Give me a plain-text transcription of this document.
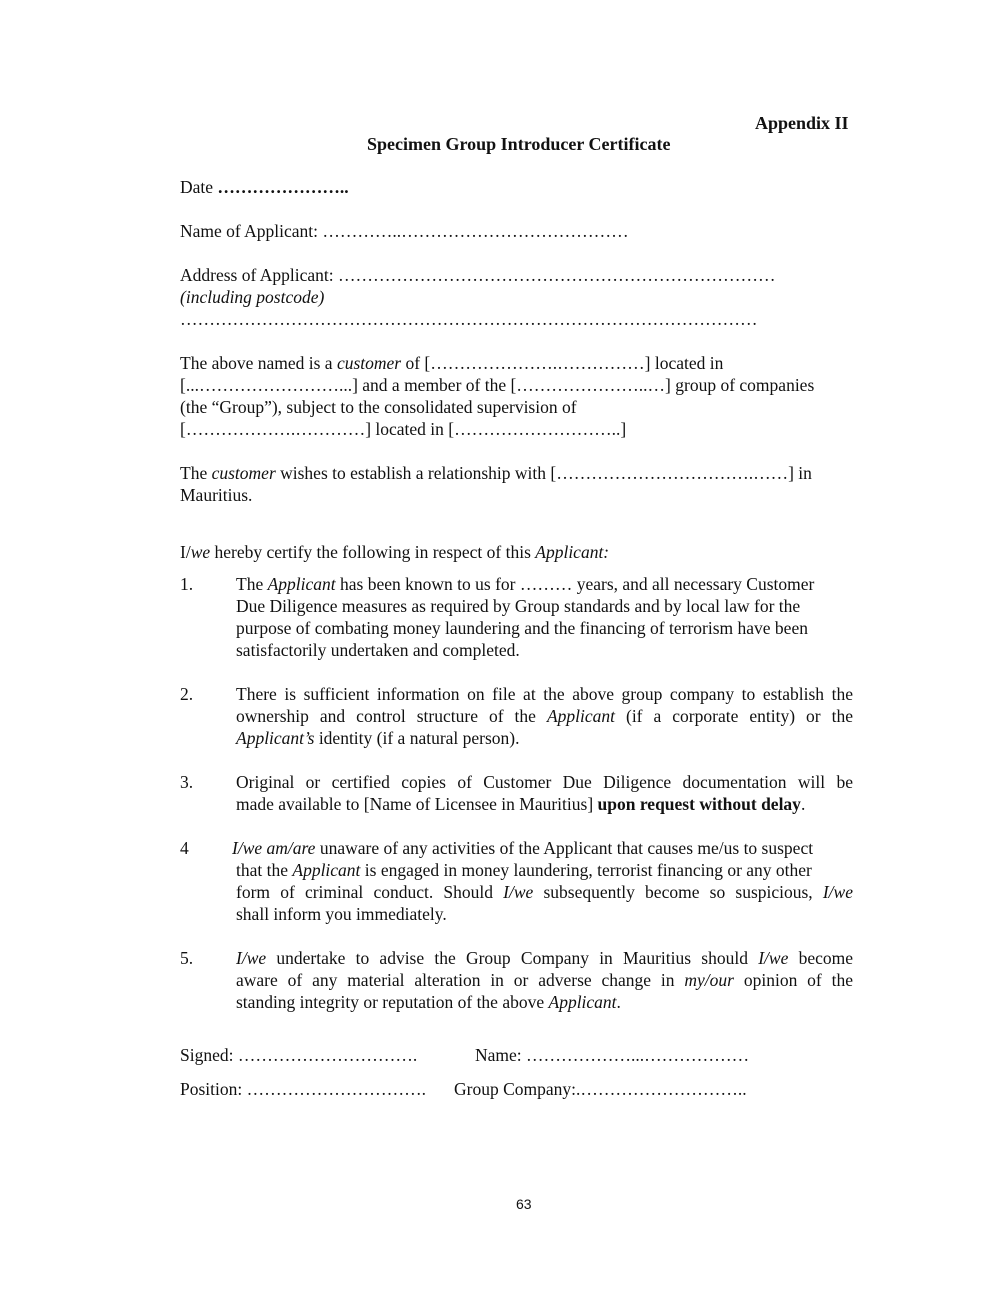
Appendix II
Specimen Group Introducer Certificate
Date …………………..
Name of Applicant: …………..…………………………………
Address of Applicant: …………………………………………………………………
(including postcode)
………………………………………………………………………………………
The above named is a customer of [………………….……………] located in
[...……………………...] and a member of the […………………..…] group of companies
(the “Group”), subject to the consolidated supervision of
[……………….…………] located in [………………………..]
The customer wishes to establish a relationship with […………………………….……] in
Mauritius.
I/we hereby certify the following in respect of this Applicant:
1. The Applicant has been known to us for ……… years, and all necessary Customer
Due Diligence measures as required by Group standards and by local law for the
purpose of combating money laundering and the financing of terrorism have been
satisfactorily undertaken and completed.
2. There is sufficient information on file at the above group company to establish the
ownership and control structure of the Applicant (if a corporate entity) or the
Applicant’s identity (if a natural person).
3. Original or certified copies of Customer Due Diligence documentation will be
made available to [Name of Licensee in Mauritius] upon request without delay.
4 I/we am/are unaware of any activities of the Applicant that causes me/us to suspect
that the Applicant is engaged in money laundering, terrorist financing or any other
form of criminal conduct. Should I/we subsequently become so suspicious, I/we
shall inform you immediately.
5. I/we undertake to advise the Group Company in Mauritius should I/we become
aware of any material alteration in or adverse change in my/our opinion of the
standing integrity or reputation of the above Applicant.
Signed: ………………………….	Name: ………………...………………
Position: …………………………. Group Company:.………………………..
63
